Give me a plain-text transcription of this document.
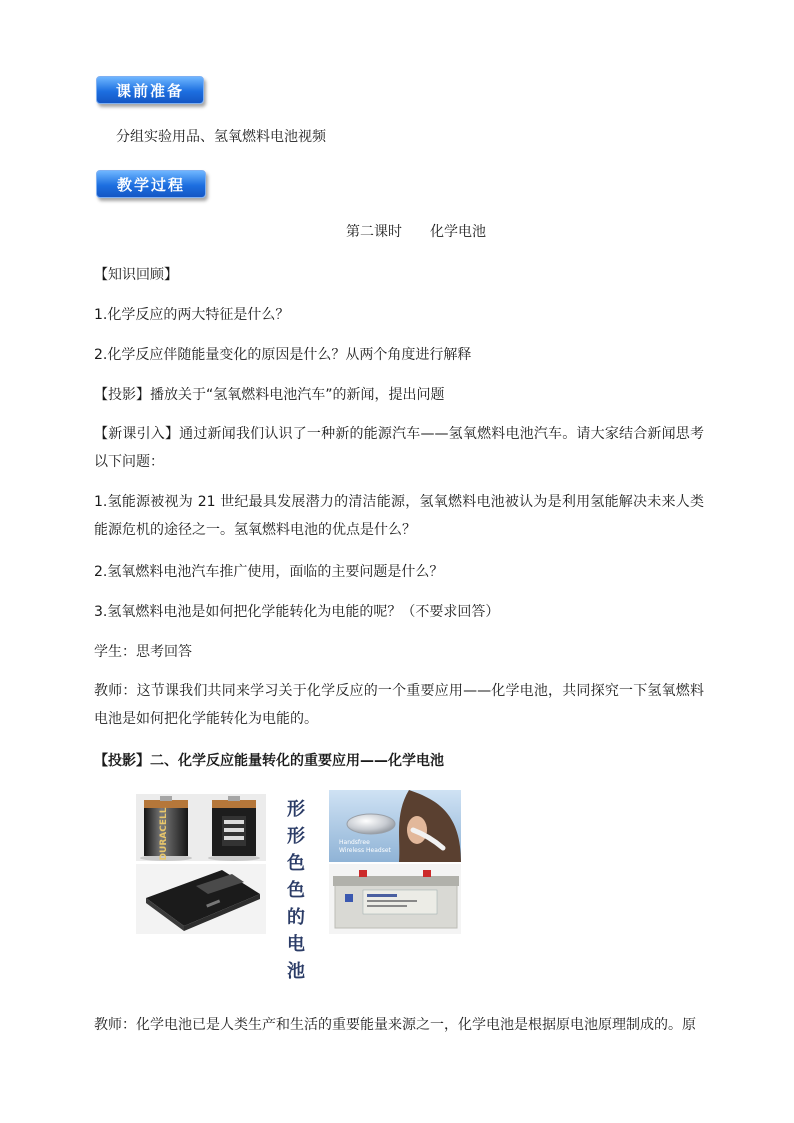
课前准备
分组实验用品、氢氧燃料电池视频
教学过程
第二课时　　化学电池
【知识回顾】
1.化学反应的两大特征是什么？
2.化学反应伴随能量变化的原因是什么？从两个角度进行解释
【投影】播放关于“氢氧燃料电池汽车”的新闻，提出问题
【新课引入】通过新闻我们认识了一种新的能源汽车——氢氧燃料电池汽车。请大家结合新闻思考以下问题：
1.氢能源被视为 21 世纪最具发展潜力的清洁能源，氢氧燃料电池被认为是利用氢能解决未来人类能源危机的途径之一。氢氧燃料电池的优点是什么？
2.氢氧燃料电池汽车推广使用，面临的主要问题是什么？
3.氢氧燃料电池是如何把化学能转化为电能的呢？（不要求回答）
学生：思考回答
教师：这节课我们共同来学习关于化学反应的一个重要应用——化学电池，共同探究一下氢氧燃料电池是如何把化学能转化为电能的。
【投影】二、化学反应能量转化的重要应用——化学电池
DURACELL	形
形
色
色
的
电
池
Handsfree
Wireless Headset
教师：化学电池已是人类生产和生活的重要能量来源之一，化学电池是根据原电池原理制成的。原
